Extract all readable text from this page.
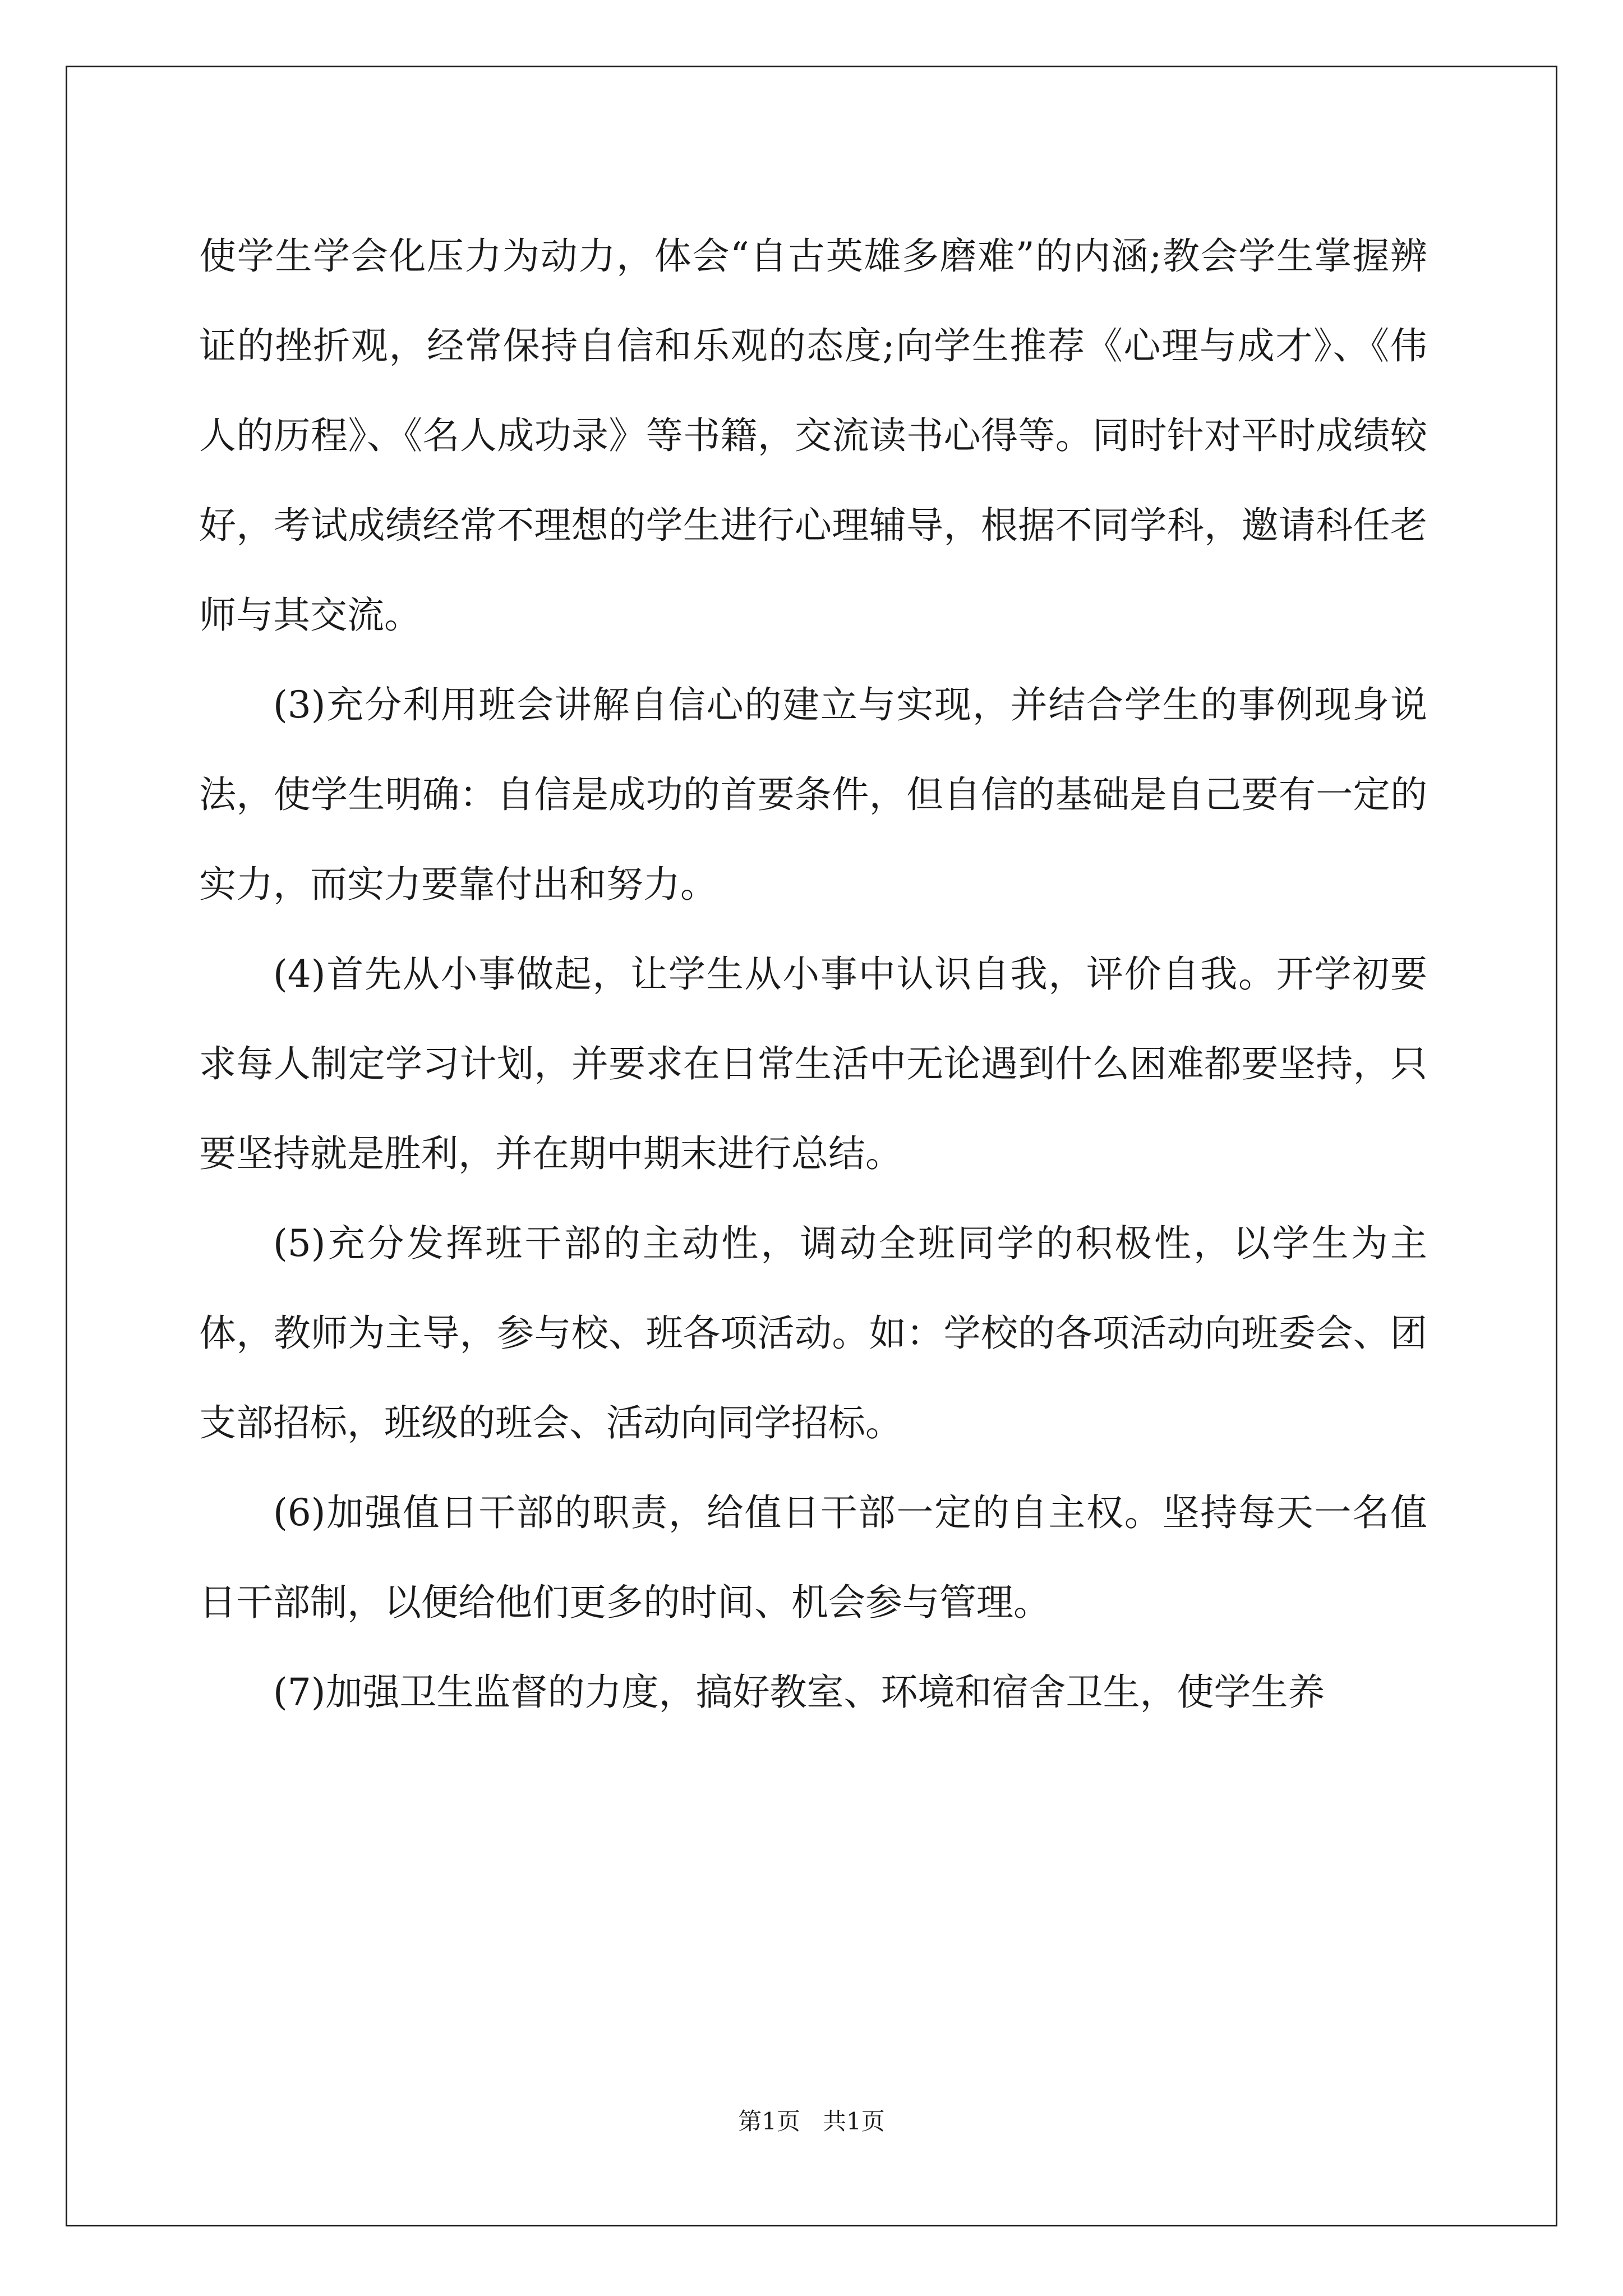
使学生学会化压力为动力，体会“自古英雄多磨难”的内涵;教会学生掌握辨证的挫折观，经常保持自信和乐观的态度;向学生推荐《心理与成才》、《伟人的历程》、《名人成功录》等书籍，交流读书心得等。同时针对平时成绩较好，考试成绩经常不理想的学生进行心理辅导，根据不同学科，邀请科任老师与其交流。

(3)充分利用班会讲解自信心的建立与实现，并结合学生的事例现身说法，使学生明确：自信是成功的首要条件，但自信的基础是自己要有一定的实力，而实力要靠付出和努力。

(4)首先从小事做起，让学生从小事中认识自我，评价自我。开学初要求每人制定学习计划，并要求在日常生活中无论遇到什么困难都要坚持，只要坚持就是胜利，并在期中期末进行总结。

(5)充分发挥班干部的主动性，调动全班同学的积极性，以学生为主体，教师为主导，参与校、班各项活动。如：学校的各项活动向班委会、团支部招标，班级的班会、活动向同学招标。

(6)加强值日干部的职责，给值日干部一定的自主权。坚持每天一名值日干部制，以便给他们更多的时间、机会参与管理。

(7)加强卫生监督的力度，搞好教室、环境和宿舍卫生，使学生养

第1页   共1页
